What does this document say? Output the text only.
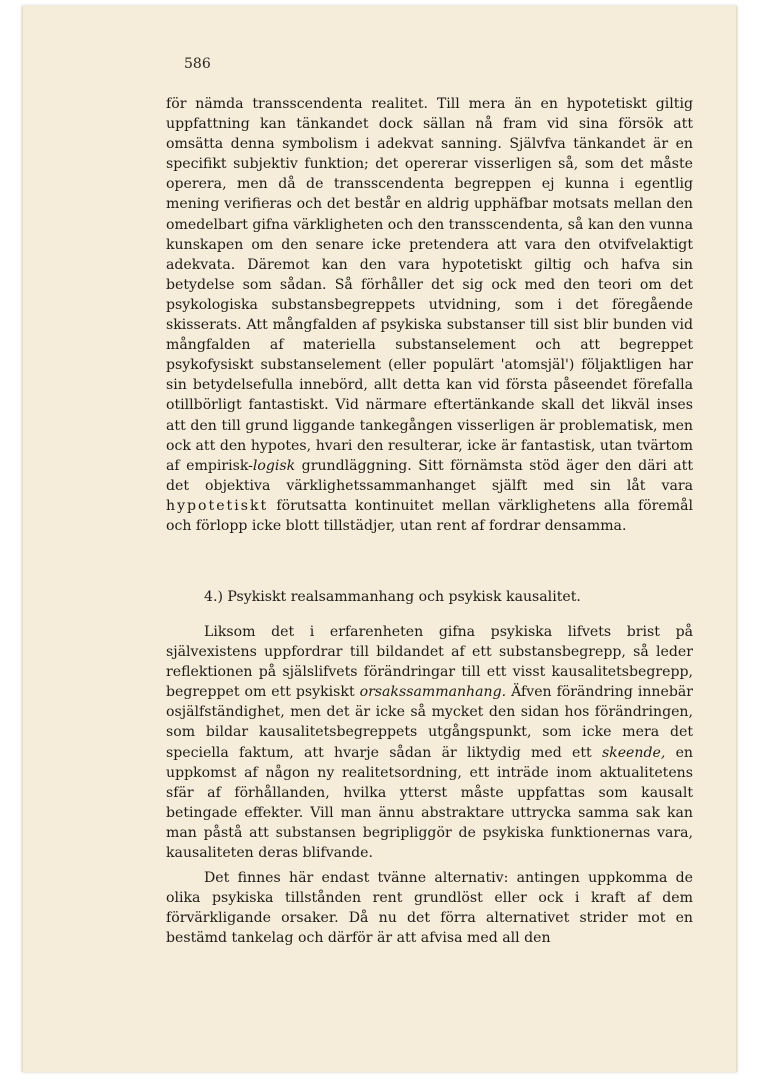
586

för nämda transscendenta realitet. Till mera än en hypotetiskt giltig uppfattning kan tänkandet dock sällan nå fram vid sina försök att omsätta denna symbolism i adekvat sanning. Självfva tänkandet är en specifikt subjektiv funktion; det opererar visserligen så, som det måste operera, men då de transscendenta begreppen ej kunna i egentlig mening verifieras och det består en aldrig upphäfbar motsats mellan den omedelbart gifna värkligheten och den transscendenta, så kan den vunna kunskapen om den senare icke pretendera att vara den otvifvelaktigt adekvata. Däremot kan den vara hypotetiskt giltig och hafva sin betydelse som sådan. Så förhåller det sig ock med den teori om det psykologiska substansbegreppets utvidning, som i det föregående skisserats. Att mångfalden af psykiska substanser till sist blir bunden vid mångfalden af materiella substanselement och att begreppet psykofysiskt substanselement (eller populärt 'atomsjäl') följaktligen har sin betydelsefulla innebörd, allt detta kan vid första påseendet förefalla otillbörligt fantastiskt. Vid närmare eftertänkande skall det likväl inses att den till grund liggande tankegången visserligen är problematisk, men ock att den hypotes, hvari den resulterar, icke är fantastisk, utan tvärtom af empirisk-logisk grundläggning. Sitt förnämsta stöd äger den däri att det objektiva värklighetssammanhanget själft med sin låt vara hypotetiskt förutsatta kontinuitet mellan värklighetens alla föremål och förlopp icke blott tillstädjer, utan rent af fordrar densamma.

4.) Psykiskt realsammanhang och psykisk kausalitet.

Liksom det i erfarenheten gifna psykiska lifvets brist på självexistens uppfordrar till bildandet af ett substansbegrepp, så leder reflektionen på själslifvets förändringar till ett visst kausalitetsbegrepp, begreppet om ett psykiskt orsakssammanhang. Äfven förändring innebär osjälfständighet, men det är icke så mycket den sidan hos förändringen, som bildar kausalitetsbegreppets utgångspunkt, som icke mera det speciella faktum, att hvarje sådan är liktydig med ett skeende, en uppkomst af någon ny realitetsordning, ett inträde inom aktualitetens sfär af förhållanden, hvilka ytterst måste uppfattas som kausalt betingade effekter. Vill man ännu abstraktare uttrycka samma sak kan man påstå att substansen begripliggör de psykiska funktionernas vara, kausaliteten deras blifvande.

Det finnes här endast tvänne alternativ: antingen uppkomma de olika psykiska tillstånden rent grundlöst eller ock i kraft af dem förvärkligande orsaker. Då nu det förra alternativet strider mot en bestämd tankelag och därför är att afvisa med all den
